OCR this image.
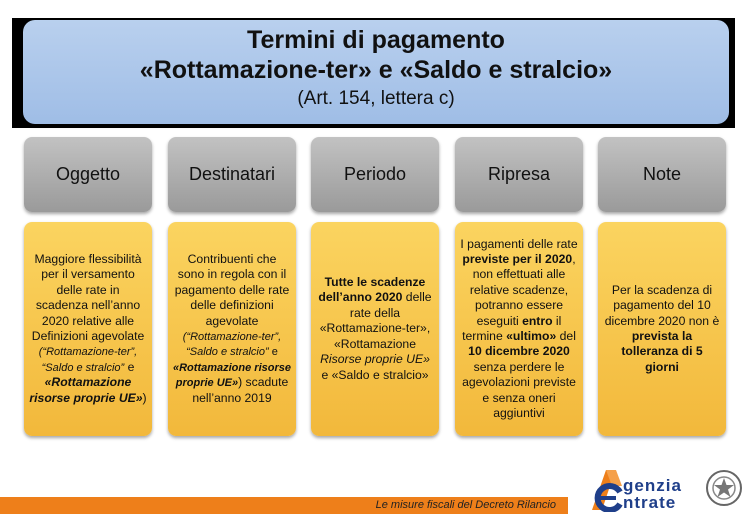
Termini di pagamento
«Rottamazione-ter» e «Saldo e stralcio»
(Art. 154, lettera c)
Oggetto	Destinatari	Periodo	Ripresa	Note
Maggiore flessibilità per il versamento delle rate in scadenza nell’anno 2020 relative alle Definizioni agevolate (“Rottamazione-ter”, “Saldo e stralcio” e «Rottamazione risorse proprie UE»)
Contribuenti che sono in regola con il pagamento delle rate delle definizioni agevolate (“Rottamazione-ter”, “Saldo e stralcio” e «Rottamazione risorse proprie UE») scadute nell’anno 2019
Tutte le scadenze dell’anno 2020 delle rate della «Rottamazione-ter», «Rottamazione Risorse proprie UE» e «Saldo e stralcio»
I pagamenti delle rate previste per il 2020, non effettuati alle relative scadenze, potranno essere eseguiti entro il termine «ultimo» del 10 dicembre 2020 senza perdere le agevolazioni previste e senza oneri aggiuntivi
Per la scadenza di pagamento del 10 dicembre 2020 non è prevista la tolleranza di 5 giorni
Le misure fiscali del Decreto Rilancio
genzia
ntrate
